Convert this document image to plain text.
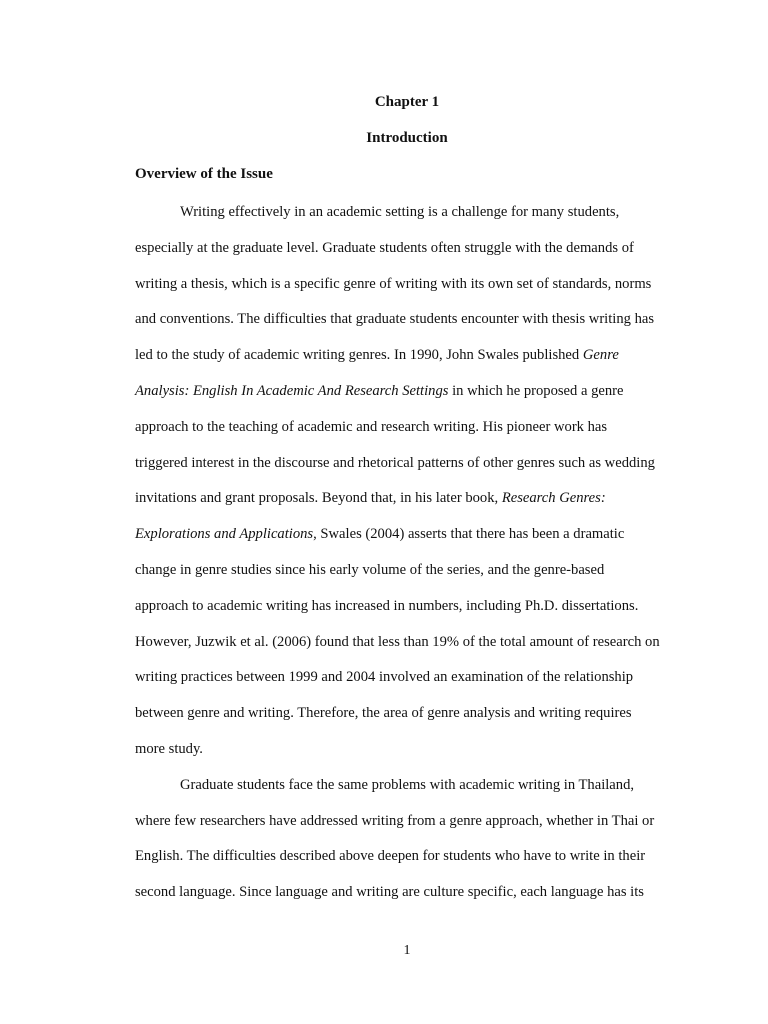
Chapter 1
Introduction
Overview of the Issue
Writing effectively in an academic setting is a challenge for many students,
especially at the graduate level. Graduate students often struggle with the demands of
writing a thesis, which is a specific genre of writing with its own set of standards, norms
and conventions. The difficulties that graduate students encounter with thesis writing has
led to the study of academic writing genres. In 1990, John Swales published Genre
Analysis: English In Academic And Research Settings in which he proposed a genre
approach to the teaching of academic and research writing. His pioneer work has
triggered interest in the discourse and rhetorical patterns of other genres such as wedding
invitations and grant proposals. Beyond that, in his later book, Research Genres:
Explorations and Applications, Swales (2004) asserts that there has been a dramatic
change in genre studies since his early volume of the series, and the genre-based
approach to academic writing has increased in numbers, including Ph.D. dissertations.
However, Juzwik et al. (2006) found that less than 19% of the total amount of research on
writing practices between 1999 and 2004 involved an examination of the relationship
between genre and writing. Therefore, the area of genre analysis and writing requires
more study.
Graduate students face the same problems with academic writing in Thailand,
where few researchers have addressed writing from a genre approach, whether in Thai or
English. The difficulties described above deepen for students who have to write in their
second language. Since language and writing are culture specific, each language has its
1
